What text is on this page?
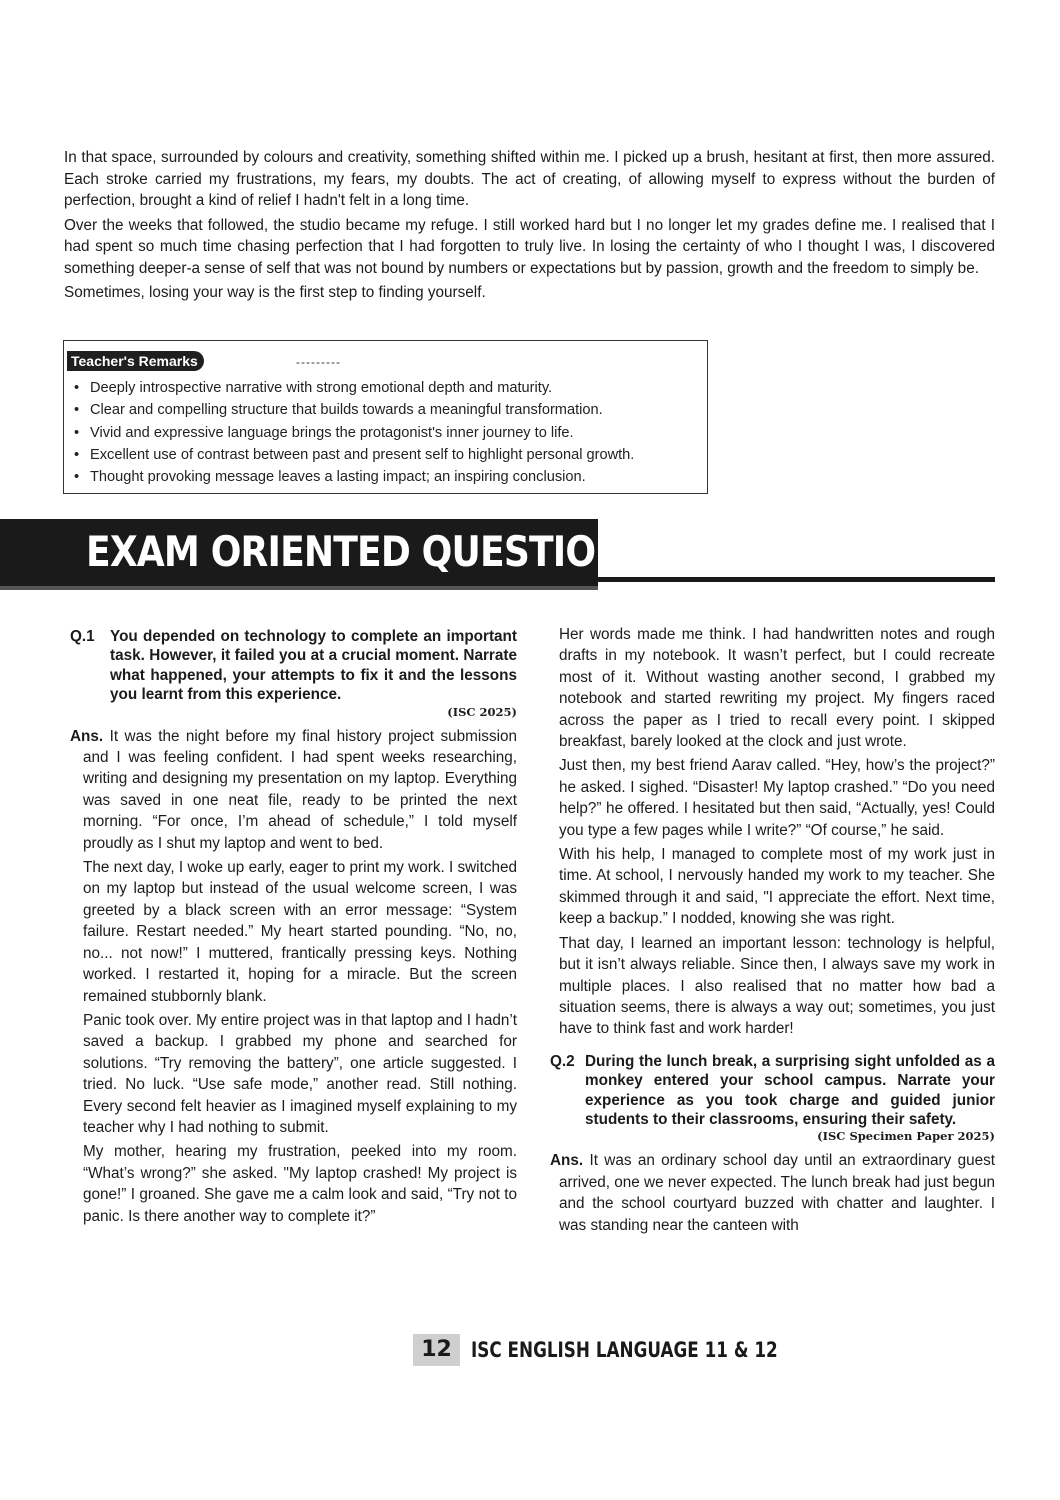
In that space, surrounded by colours and creativity, something shifted within me. I picked up a brush, hesitant at first, then more assured. Each stroke carried my frustrations, my fears, my doubts. The act of creating, of allowing myself to express without the burden of perfection, brought a kind of relief I hadn't felt in a long time.

Over the weeks that followed, the studio became my refuge. I still worked hard but I no longer let my grades define me. I realised that I had spent so much time chasing perfection that I had forgotten to truly live. In losing the certainty of who I thought I was, I discovered something deeper-a sense of self that was not bound by numbers or expectations but by passion, growth and the freedom to simply be.

Sometimes, losing your way is the first step to finding yourself.

Teacher's Remarks	---------
• Deeply introspective narrative with strong emotional depth and maturity.
• Clear and compelling structure that builds towards a meaningful transformation.
• Vivid and expressive language brings the protagonist's inner journey to life.
• Excellent use of contrast between past and present self to highlight personal growth.
• Thought provoking message leaves a lasting impact; an inspiring conclusion.
EXAM ORIENTED QUESTIONS
Q.1 You depended on technology to complete an important task. However, it failed you at a crucial moment. Narrate what happened, your attempts to fix it and the lessons you learnt from this experience.
(ISC 2025)

Ans. It was the night before my final history project submission and I was feeling confident. I had spent weeks researching, writing and designing my presentation on my laptop. Everything was saved in one neat file, ready to be printed the next morning. “For once, I’m ahead of schedule,” I told myself proudly as I shut my laptop and went to bed.

The next day, I woke up early, eager to print my work. I switched on my laptop but instead of the usual welcome screen, I was greeted by a black screen with an error message: “System failure. Restart needed.” My heart started pounding. “No, no, no... not now!” I muttered, frantically pressing keys. Nothing worked. I restarted it, hoping for a miracle. But the screen remained stubbornly blank.

Panic took over. My entire project was in that laptop and I hadn’t saved a backup. I grabbed my phone and searched for solutions. “Try removing the battery”, one article suggested. I tried. No luck. “Use safe mode,” another read. Still nothing. Every second felt heavier as I imagined myself explaining to my teacher why I had nothing to submit.

My mother, hearing my frustration, peeked into my room. “What’s wrong?” she asked. "My laptop crashed! My project is gone!” I groaned. She gave me a calm look and said, “Try not to panic. Is there another way to complete it?”

Her words made me think. I had handwritten notes and rough drafts in my notebook. It wasn’t perfect, but I could recreate most of it. Without wasting another second, I grabbed my notebook and started rewriting my project. My fingers raced across the paper as I tried to recall every point. I skipped breakfast, barely looked at the clock and just wrote.

Just then, my best friend Aarav called. “Hey, how’s the project?” he asked. I sighed. “Disaster! My laptop crashed.” “Do you need help?” he offered. I hesitated but then said, “Actually, yes! Could you type a few pages while I write?” “Of course,” he said.

With his help, I managed to complete most of my work just in time. At school, I nervously handed my work to my teacher. She skimmed through it and said, "I appreciate the effort. Next time, keep a backup.” I nodded, knowing she was right.

That day, I learned an important lesson: technology is helpful, but it isn’t always reliable. Since then, I always save my work in multiple places. I also realised that no matter how bad a situation seems, there is always a way out; sometimes, you just have to think fast and work harder!

Q.2 During the lunch break, a surprising sight unfolded as a monkey entered your school campus. Narrate your experience as you took charge and guided junior students to their classrooms, ensuring their safety.
(ISC Specimen Paper 2025)

Ans. It was an ordinary school day until an extraordinary guest arrived, one we never expected. The lunch break had just begun and the school courtyard buzzed with chatter and laughter. I was standing near the canteen with

12 ISC ENGLISH LANGUAGE 11 & 12
